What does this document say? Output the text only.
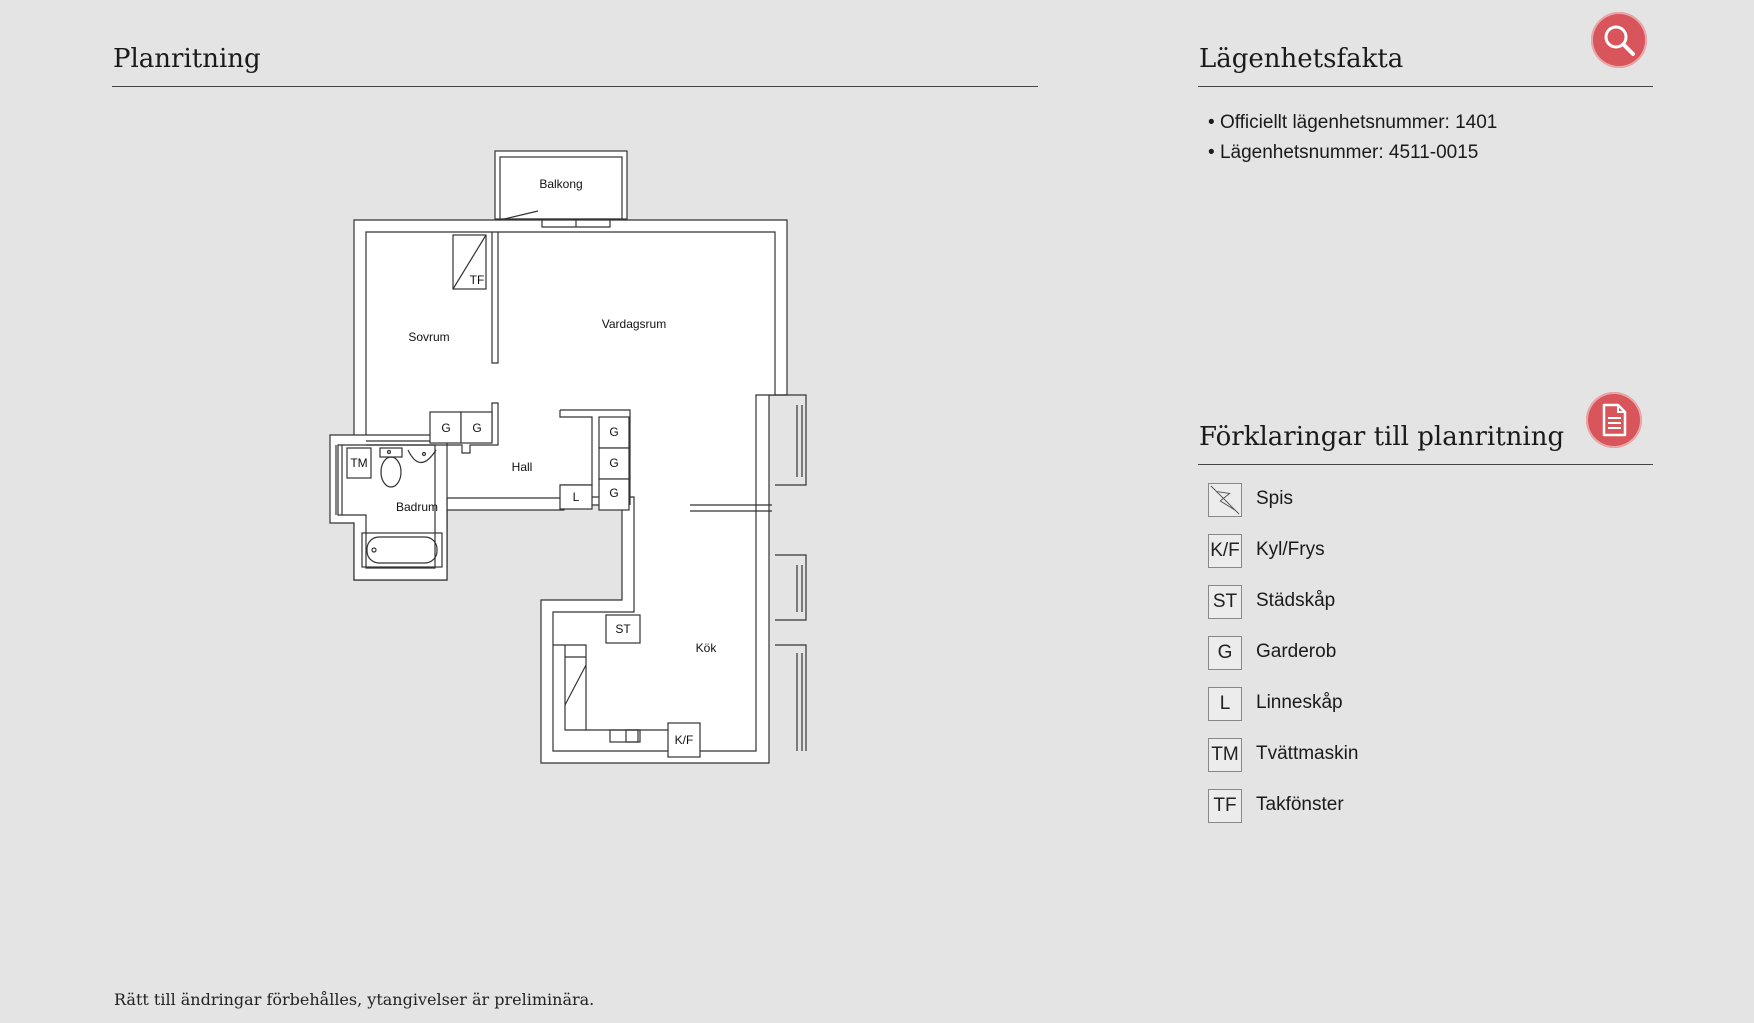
Planritning
Balkong
Sovrum
Vardagsrum
Hall
Badrum
Kök
TF
G G	G
G
G
L
TM
ST
K/F
Lägenhetsfakta
• Officiellt lägenhetsnummer: 1401
• Lägenhetsnummer: 4511-0015
Förklaringar till planritning
Spis
K/F Kyl/Frys
ST Städskåp
G	Garderob
L	Linneskåp
TM Tvättmaskin
TF Takfönster
Rätt till ändringar förbehålles, ytangivelser är preliminära.
